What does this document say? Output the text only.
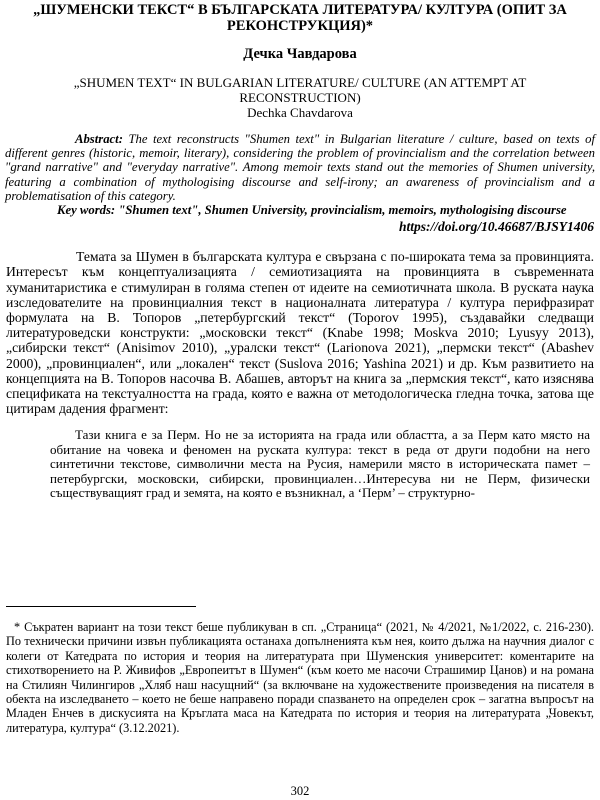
„ШУМЕНСКИ ТЕКСТ“ В БЪЛГАРСКАТА ЛИТЕРАТУРА/ КУЛТУРА (ОПИТ ЗА РЕКОНСТРУКЦИЯ)*
Дечка Чавдарова
„SHUMEN TEXT“ IN BULGARIAN LITERATURE/ CULTURE (AN ATTEMPT AT RECONSTRUCTION)
Dechka Chavdarova
Abstract: The text reconstructs "Shumen text" in Bulgarian literature / culture, based on texts of different genres (historic, memoir, literary), considering the problem of provincialism and the correlation between "grand narrative" and "everyday narrative". Among memoir texts stand out the memories of Shumen university, featuring a combination of mythologising discourse and self-irony; an awareness of provincialism and a problematisation of this category.
Key words: "Shumen text", Shumen University, provincialism, memoirs, mythologising discourse
https://doi.org/10.46687/BJSY1406
Темата за Шумен в българската култура е свързана с по-широката тема за провинцията. Интересът към концептуализацията / семиотизацията на провинцията в съвременната хуманитаристика е стимулиран в голяма степен от идеите на семиотичната школа. В руската наука изследователите на провинциалния текст в националната литература / култура перифразират формулата на В. Топоров „петербургский текст“ (Toporov 1995), създавайки следващи литературоведски конструкти: „московски текст“ (Knabe 1998; Moskva 2010; Lyusyy 2013), „сибирски текст“ (Anisimov 2010), „уралски текст“ (Larionova 2021), „пермски текст“ (Abashev 2000), „провинциален“, или „локален“ текст (Suslova 2016; Yashina 2021) и др. Към развитието на концепцията на В. Топоров насочва В. Абашев, авторът на книга за „пермския текст“, като изяснява спецификата на текстуалността на града, която е важна от методологическа гледна точка, затова ще цитирам дадения фрагмент:
Тази книга е за Перм. Но не за историята на града или областта, а за Перм като място на обитание на човека и феномен на руската култура: текст в реда от други подобни на него синтетични текстове, символични места на Русия, намерили място в историческата памет – петербургски, московски, сибирски, провинциален…Интересува ни не Перм, физически съществуващият град и земята, на която е възникнал, а ‘Перм’ – структурно-
* Съкратен вариант на този текст беше публикуван в сп. „Страница“ (2021, № 4/2021, №1/2022, с. 216-230). По технически причини извън публикацията останаха допълненията към нея, които дължа на научния диалог с колеги от Катедрата по история и теория на литературата при Шуменския университет: коментарите на стихотворението на Р. Живифов „Европеитът в Шумен“ (към което ме насочи Страшимир Цанов) и на романа на Стилиян Чилингиров „Хляб наш насущний“ (за включване на художествените произведения на писателя в обекта на изследването – което не беше направено поради спазването на определен срок – загатна въпросът на Младен Енчев в дискусията на Кръглата маса на Катедрата по история и теория на литературата „Човекът, литература, култура“ (3.12.2021).
302
